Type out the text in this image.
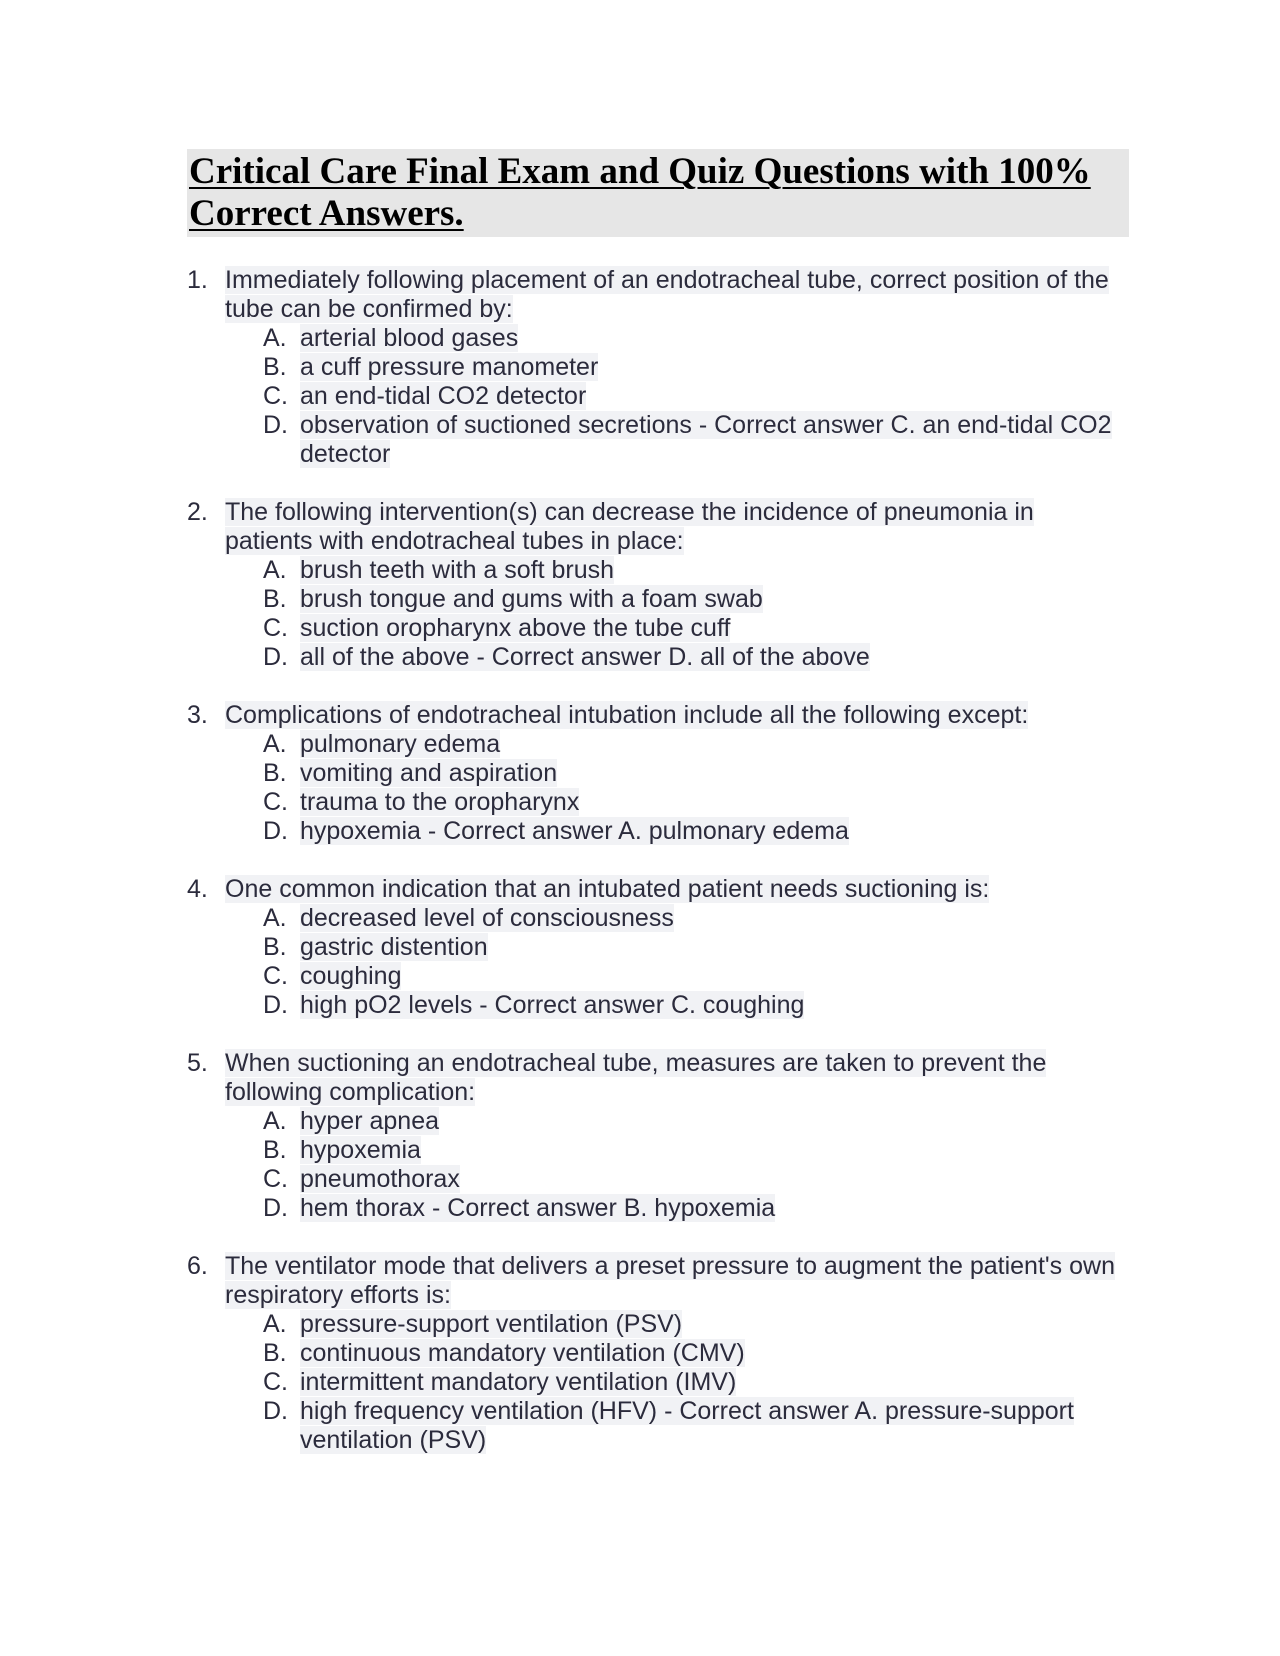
Critical Care Final Exam and Quiz Questions with 100% Correct Answers.
1. Immediately following placement of an endotracheal tube, correct position of the tube can be confirmed by:
A. arterial blood gases
B. a cuff pressure manometer
C. an end-tidal CO2 detector
D. observation of suctioned secretions - Correct answer C. an end-tidal CO2 detector
2. The following intervention(s) can decrease the incidence of pneumonia in patients with endotracheal tubes in place:
A. brush teeth with a soft brush
B. brush tongue and gums with a foam swab
C. suction oropharynx above the tube cuff
D. all of the above - Correct answer D. all of the above
3. Complications of endotracheal intubation include all the following except:
A. pulmonary edema
B. vomiting and aspiration
C. trauma to the oropharynx
D. hypoxemia - Correct answer A. pulmonary edema
4. One common indication that an intubated patient needs suctioning is:
A. decreased level of consciousness
B. gastric distention
C. coughing
D. high pO2 levels - Correct answer C. coughing
5. When suctioning an endotracheal tube, measures are taken to prevent the following complication:
A. hyper apnea
B. hypoxemia
C. pneumothorax
D. hem thorax - Correct answer B. hypoxemia
6. The ventilator mode that delivers a preset pressure to augment the patient's own respiratory efforts is:
A. pressure-support ventilation (PSV)
B. continuous mandatory ventilation (CMV)
C. intermittent mandatory ventilation (IMV)
D. high frequency ventilation (HFV) - Correct answer A. pressure-support ventilation (PSV)
